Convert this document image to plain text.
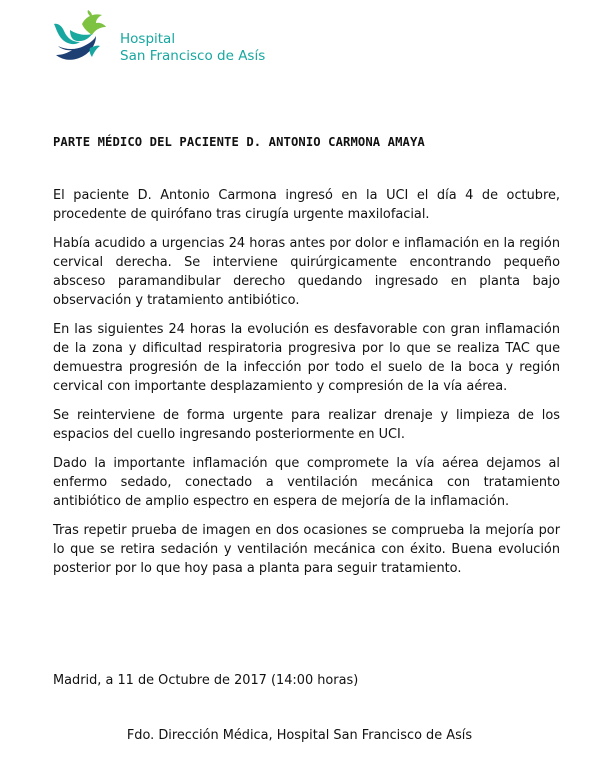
Hospital
San Francisco de Asís
PARTE MÉDICO DEL PACIENTE D. ANTONIO CARMONA AMAYA

El paciente D. Antonio Carmona ingresó en la UCI el día 4 de octubre, procedente de quirófano tras cirugía urgente maxilofacial.

Había acudido a urgencias 24 horas antes por dolor e inflamación en la región cervical derecha. Se interviene quirúrgicamente encontrando pequeño absceso paramandibular derecho quedando ingresado en planta bajo observación y tratamiento antibiótico.

En las siguientes 24 horas la evolución es desfavorable con gran inflamación de la zona y dificultad respiratoria progresiva por lo que se realiza TAC que demuestra progresión de la infección por todo el suelo de la boca y región cervical con importante desplazamiento y compresión de la vía aérea.

Se reinterviene de forma urgente para realizar drenaje y limpieza de los espacios del cuello ingresando posteriormente en UCI.

Dado la importante inflamación que compromete la vía aérea dejamos al enfermo sedado, conectado a ventilación mecánica con tratamiento antibiótico de amplio espectro en espera de mejoría de la inflamación.

Tras repetir prueba de imagen en dos ocasiones se comprueba la mejoría por lo que se retira sedación y ventilación mecánica con éxito. Buena evolución posterior por lo que hoy pasa a planta para seguir tratamiento.

Madrid, a 11 de Octubre de 2017 (14:00 horas)
Fdo. Dirección Médica, Hospital San Francisco de Asís
